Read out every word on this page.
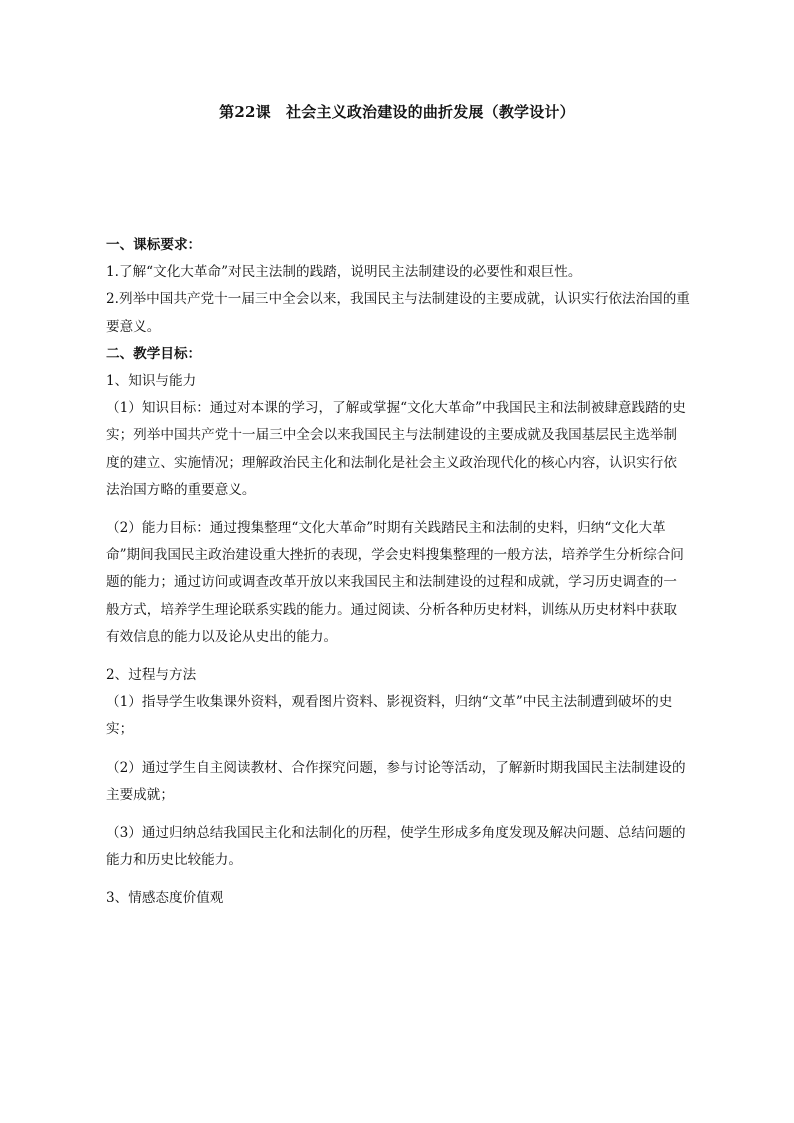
第22课　社会主义政治建设的曲折发展（教学设计）

一、课标要求：

1.了解“文化大革命”对民主法制的践踏，说明民主法制建设的必要性和艰巨性。

2.列举中国共产党十一届三中全会以来，我国民主与法制建设的主要成就，认识实行依法治国的重要意义。

二、教学目标：

1、知识与能力

（1）知识目标：通过对本课的学习，了解或掌握“文化大革命”中我国民主和法制被肆意践踏的史实；列举中国共产党十一届三中全会以来我国民主与法制建设的主要成就及我国基层民主选举制度的建立、实施情况；理解政治民主化和法制化是社会主义政治现代化的核心内容，认识实行依法治国方略的重要意义。

（2）能力目标：通过搜集整理“文化大革命”时期有关践踏民主和法制的史料，归纳“文化大革命”期间我国民主政治建设重大挫折的表现，学会史料搜集整理的一般方法，培养学生分析综合问题的能力；通过访问或调查改革开放以来我国民主和法制建设的过程和成就，学习历史调查的一般方式，培养学生理论联系实践的能力。通过阅读、分析各种历史材料，训练从历史材料中获取有效信息的能力以及论从史出的能力。

2、过程与方法

（1）指导学生收集课外资料，观看图片资料、影视资料，归纳“文革”中民主法制遭到破坏的史实；

（2）通过学生自主阅读教材、合作探究问题，参与讨论等活动，了解新时期我国民主法制建设的主要成就；

（3）通过归纳总结我国民主化和法制化的历程，使学生形成多角度发现及解决问题、总结问题的能力和历史比较能力。

3、情感态度价值观
